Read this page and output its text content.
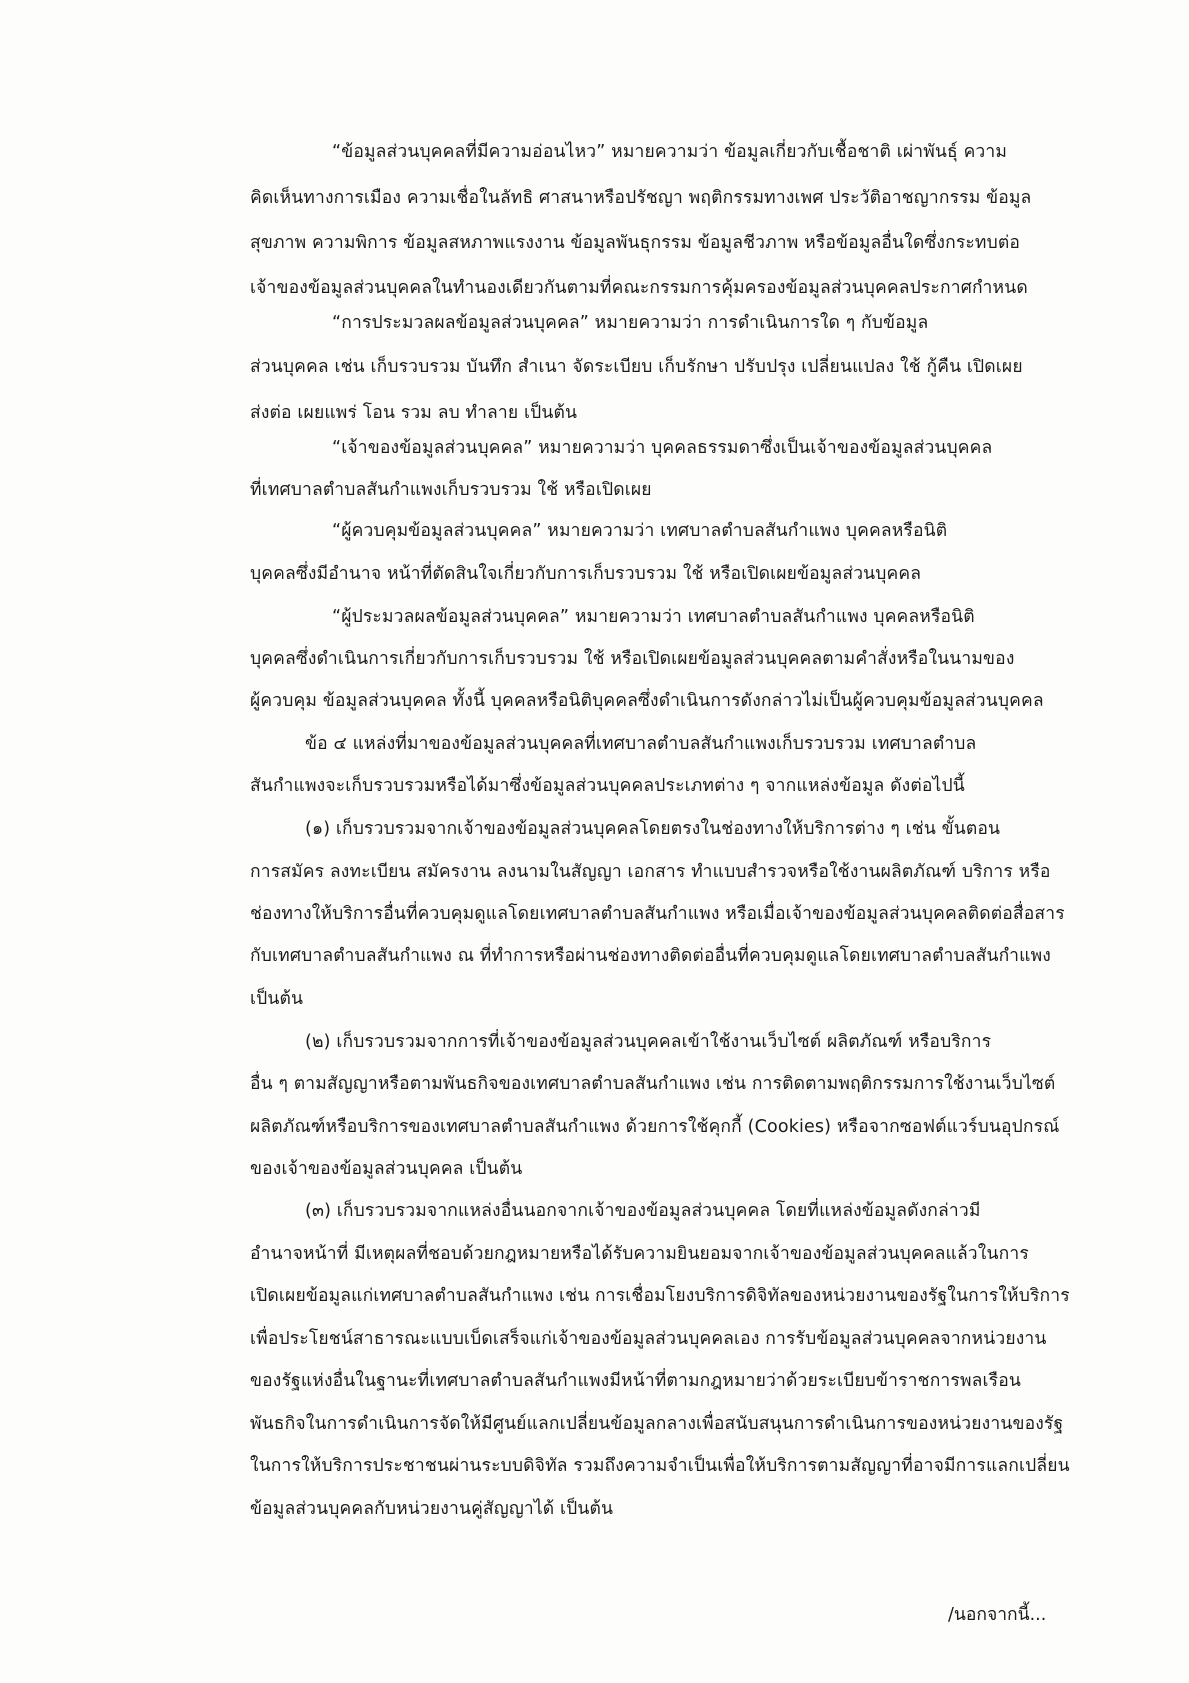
“ข้อมูลส่วนบุคคลที่มีความอ่อนไหว” หมายความว่า ข้อมูลเกี่ยวกับเชื้อชาติ เผ่าพันธุ์ ความ
คิดเห็นทางการเมือง ความเชื่อในลัทธิ ศาสนาหรือปรัชญา พฤติกรรมทางเพศ ประวัติอาชญากรรม ข้อมูล
สุขภาพ ความพิการ ข้อมูลสหภาพแรงงาน ข้อมูลพันธุกรรม ข้อมูลชีวภาพ หรือข้อมูลอื่นใดซึ่งกระทบต่อ
เจ้าของข้อมูลส่วนบุคคลในทำนองเดียวกันตามที่คณะกรรมการคุ้มครองข้อมูลส่วนบุคคลประกาศกำหนด
“การประมวลผลข้อมูลส่วนบุคคล” หมายความว่า การดำเนินการใด ๆ กับข้อมูล
ส่วนบุคคล เช่น เก็บรวบรวม บันทึก สำเนา จัดระเบียบ เก็บรักษา ปรับปรุง เปลี่ยนแปลง ใช้ กู้คืน เปิดเผย
ส่งต่อ เผยแพร่ โอน รวม ลบ ทำลาย เป็นต้น
“เจ้าของข้อมูลส่วนบุคคล” หมายความว่า บุคคลธรรมดาซึ่งเป็นเจ้าของข้อมูลส่วนบุคคล
ที่เทศบาลตำบลสันกำแพงเก็บรวบรวม ใช้ หรือเปิดเผย
“ผู้ควบคุมข้อมูลส่วนบุคคล” หมายความว่า เทศบาลตำบลสันกำแพง บุคคลหรือนิติ
บุคคลซึ่งมีอำนาจ หน้าที่ตัดสินใจเกี่ยวกับการเก็บรวบรวม ใช้ หรือเปิดเผยข้อมูลส่วนบุคคล
“ผู้ประมวลผลข้อมูลส่วนบุคคล” หมายความว่า เทศบาลตำบลสันกำแพง บุคคลหรือนิติ
บุคคลซึ่งดำเนินการเกี่ยวกับการเก็บรวบรวม ใช้ หรือเปิดเผยข้อมูลส่วนบุคคลตามคำสั่งหรือในนามของ
ผู้ควบคุม ข้อมูลส่วนบุคคล ทั้งนี้ บุคคลหรือนิติบุคคลซึ่งดำเนินการดังกล่าวไม่เป็นผู้ควบคุมข้อมูลส่วนบุคคล
ข้อ ๔ แหล่งที่มาของข้อมูลส่วนบุคคลที่เทศบาลตำบลสันกำแพงเก็บรวบรวม เทศบาลตำบล
สันกำแพงจะเก็บรวบรวมหรือได้มาซึ่งข้อมูลส่วนบุคคลประเภทต่าง ๆ จากแหล่งข้อมูล ดังต่อไปนี้
(๑) เก็บรวบรวมจากเจ้าของข้อมูลส่วนบุคคลโดยตรงในช่องทางให้บริการต่าง ๆ เช่น ขั้นตอน
การสมัคร ลงทะเบียน สมัครงาน ลงนามในสัญญา เอกสาร ทำแบบสำรวจหรือใช้งานผลิตภัณฑ์ บริการ หรือ
ช่องทางให้บริการอื่นที่ควบคุมดูแลโดยเทศบาลตำบลสันกำแพง หรือเมื่อเจ้าของข้อมูลส่วนบุคคลติดต่อสื่อสาร
กับเทศบาลตำบลสันกำแพง ณ ที่ทำการหรือผ่านช่องทางติดต่ออื่นที่ควบคุมดูแลโดยเทศบาลตำบลสันกำแพง
เป็นต้น
(๒) เก็บรวบรวมจากการที่เจ้าของข้อมูลส่วนบุคคลเข้าใช้งานเว็บไซต์ ผลิตภัณฑ์ หรือบริการ
อื่น ๆ ตามสัญญาหรือตามพันธกิจของเทศบาลตำบลสันกำแพง เช่น การติดตามพฤติกรรมการใช้งานเว็บไซต์
ผลิตภัณฑ์หรือบริการของเทศบาลตำบลสันกำแพง ด้วยการใช้คุกกี้ (Cookies) หรือจากซอฟต์แวร์บนอุปกรณ์
ของเจ้าของข้อมูลส่วนบุคคล เป็นต้น
(๓) เก็บรวบรวมจากแหล่งอื่นนอกจากเจ้าของข้อมูลส่วนบุคคล โดยที่แหล่งข้อมูลดังกล่าวมี
อำนาจหน้าที่ มีเหตุผลที่ชอบด้วยกฎหมายหรือได้รับความยินยอมจากเจ้าของข้อมูลส่วนบุคคลแล้วในการ
เปิดเผยข้อมูลแก่เทศบาลตำบลสันกำแพง เช่น การเชื่อมโยงบริการดิจิทัลของหน่วยงานของรัฐในการให้บริการ
เพื่อประโยชน์สาธารณะแบบเบ็ดเสร็จแก่เจ้าของข้อมูลส่วนบุคคลเอง การรับข้อมูลส่วนบุคคลจากหน่วยงาน
ของรัฐแห่งอื่นในฐานะที่เทศบาลตำบลสันกำแพงมีหน้าที่ตามกฎหมายว่าด้วยระเบียบข้าราชการพลเรือน
พันธกิจในการดำเนินการจัดให้มีศูนย์แลกเปลี่ยนข้อมูลกลางเพื่อสนับสนุนการดำเนินการของหน่วยงานของรัฐ
ในการให้บริการประชาชนผ่านระบบดิจิทัล รวมถึงความจำเป็นเพื่อให้บริการตามสัญญาที่อาจมีการแลกเปลี่ยน
ข้อมูลส่วนบุคคลกับหน่วยงานคู่สัญญาได้ เป็นต้น
/นอกจากนี้...
